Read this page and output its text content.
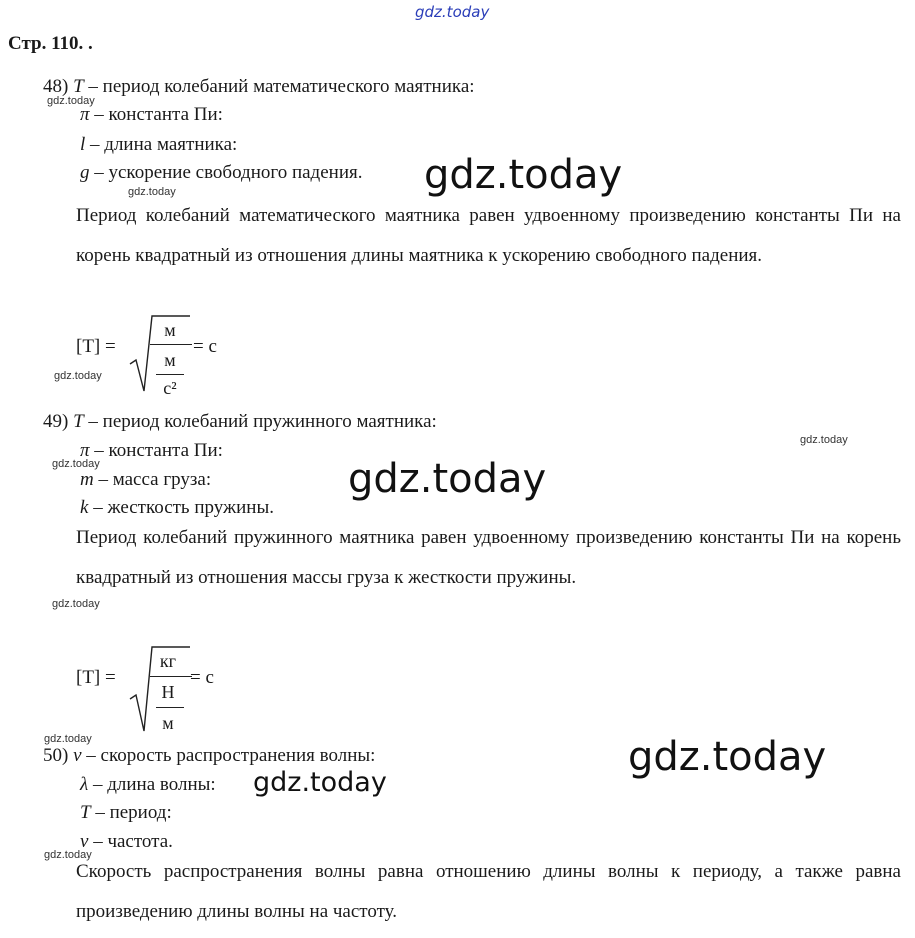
gdz.today
Стр. 110. .
48) T – период колебаний математического маятника:
π – константа Пи:
l – длина маятника:
g – ускорение свободного падения.
Период колебаний математического маятника равен удвоенному произведению константы Пи на корень квадратный из отношения длины маятника к ускорению свободного падения.
[T] =
м
м
с²
= с
49) T – период колебаний пружинного маятника:
π – константа Пи:
m – масса груза:
k – жесткость пружины.
Период колебаний пружинного маятника равен удвоенному произведению константы Пи на корень квадратный из отношения массы груза к жесткости пружины.
[T] =
кг
Н
м
= с
50) v – скорость распространения волны:
λ – длина волны:
T – период:
ν – частота.
Скорость распространения волны равна отношению длины волны к периоду, а также равна произведению длины волны на частоту.
gdz.today
gdz.today
gdz.today
gdz.today
gdz.today
gdz.today
gdz.today
gdz.today
gdz.today
gdz.today
gdz.today
gdz.today
